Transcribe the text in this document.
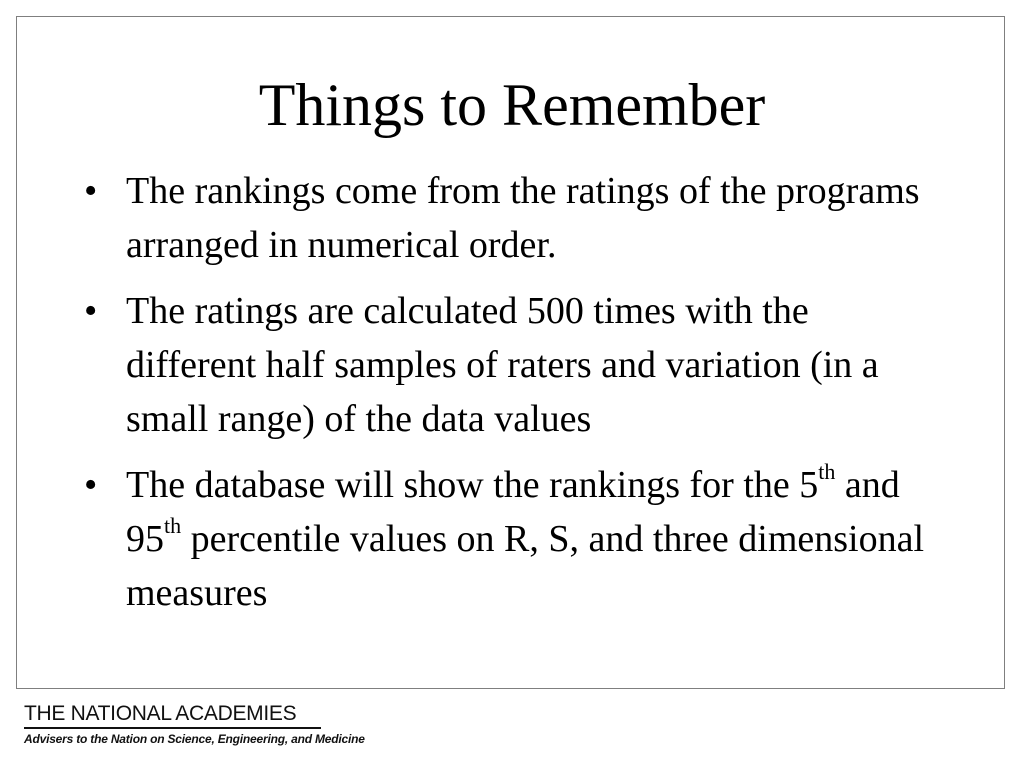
Things to Remember
• The rankings come from the ratings of the programs arranged in numerical order.
• The ratings are calculated 500 times with the different half samples of raters and variation (in a small range) of the data values
• The database will show the rankings for the 5th and 95th percentile values on R, S, and three dimensional measures
THE NATIONAL ACADEMIES
Advisers to the Nation on Science, Engineering, and Medicine
